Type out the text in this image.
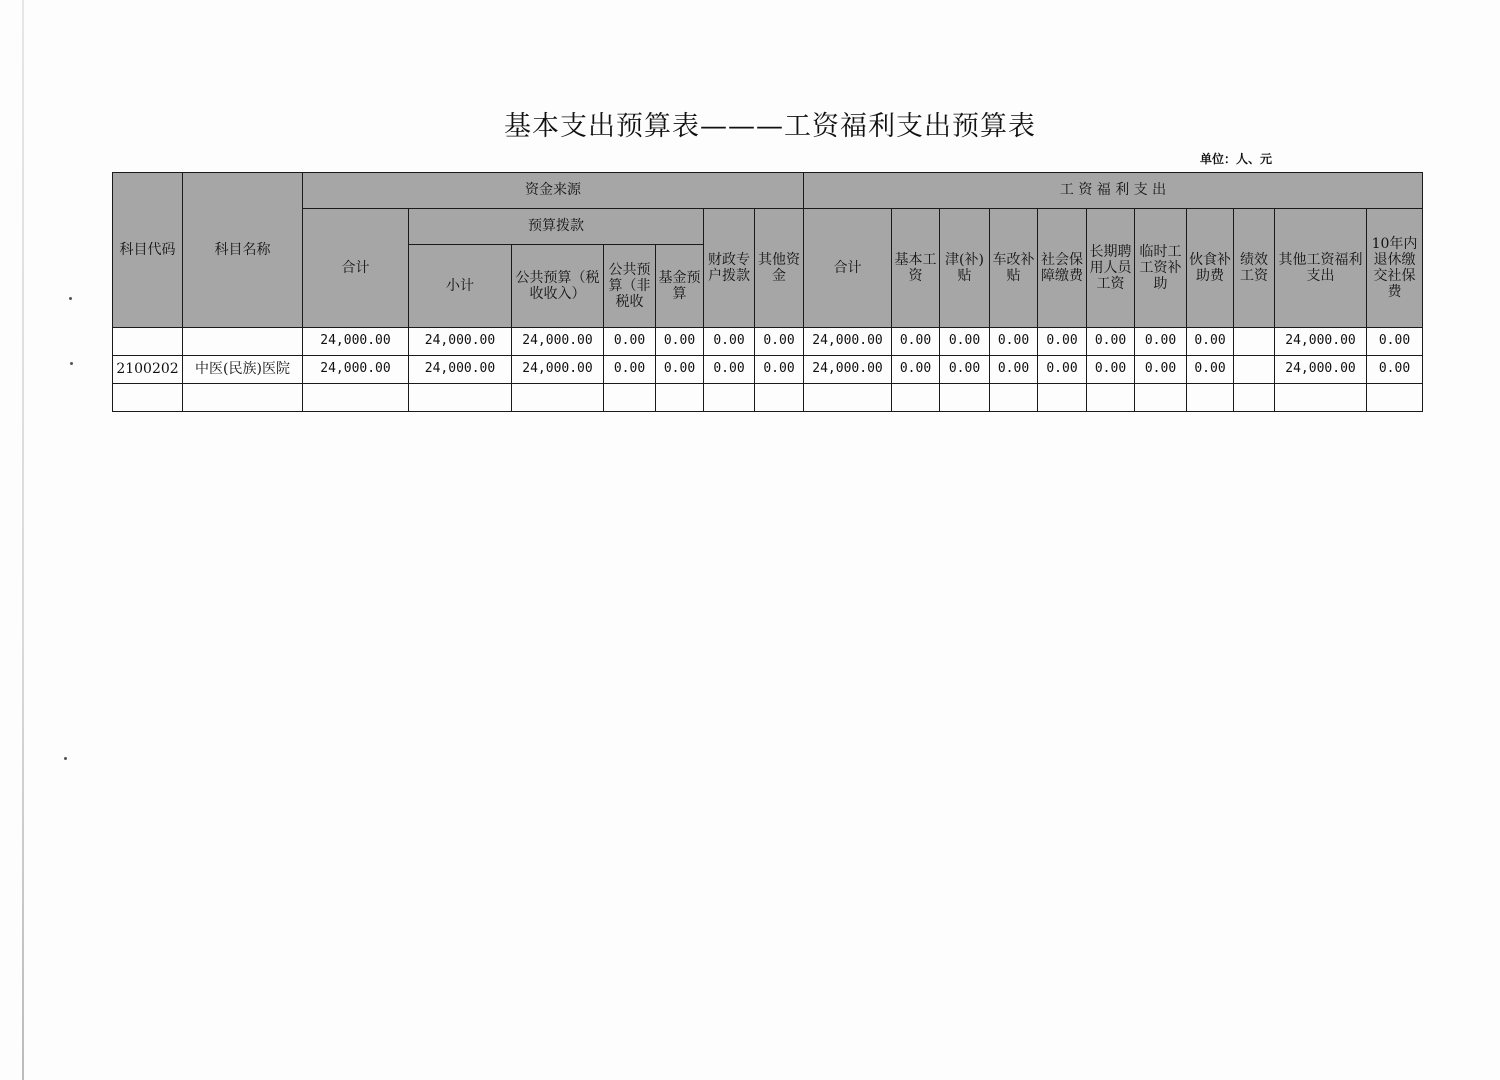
基本支出预算表———工资福利支出预算表
单位：人、元
科目代码	科目名称	资金来源							工 资 福 利 支 出										
		合计	预算拨款				财政专户拨款	其他资金	合计	基本工资	津(补)贴	车改补贴	社会保障缴费	长期聘用人员工资	临时工工资补助	伙食补助费	绩效工资	其他工资福利支出	10年内退休缴交社保费
			小计	公共预算（税收收入）	公共预算（非税收	基金预算													
		24,000.00	24,000.00	24,000.00	0.00	0.00	0.00	0.00	24,000.00	0.00	0.00	0.00	0.00	0.00	0.00	0.00		24,000.00	0.00
2100202	中医(民族)医院	24,000.00	24,000.00	24,000.00	0.00	0.00	0.00	0.00	24,000.00	0.00	0.00	0.00	0.00	0.00	0.00	0.00		24,000.00	0.00
